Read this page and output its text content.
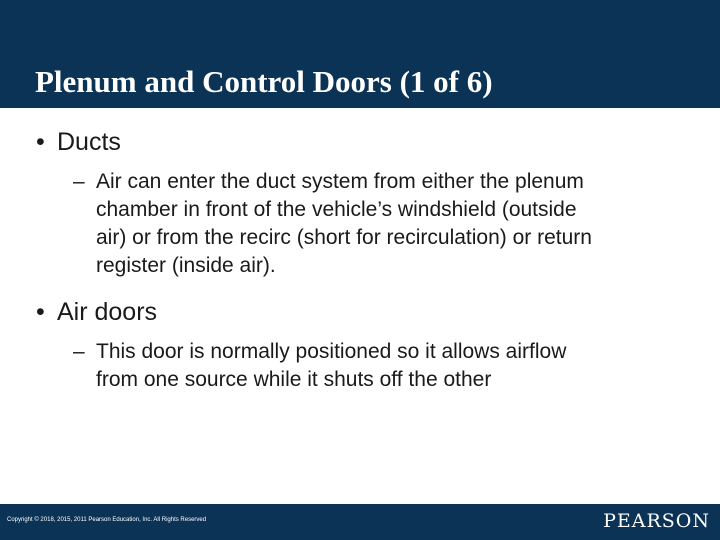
Plenum and Control Doors (1 of 6)
• Ducts
– Air can enter the duct system from either the plenum
chamber in front of the vehicle’s windshield (outside
air) or from the recirc (short for recirculation) or return
register (inside air).
• Air doors
– This door is normally positioned so it allows airflow
from one source while it shuts off the other
Copyright © 2018, 2015, 2011 Pearson Education, Inc. All Rights Reserved	PEARSON
